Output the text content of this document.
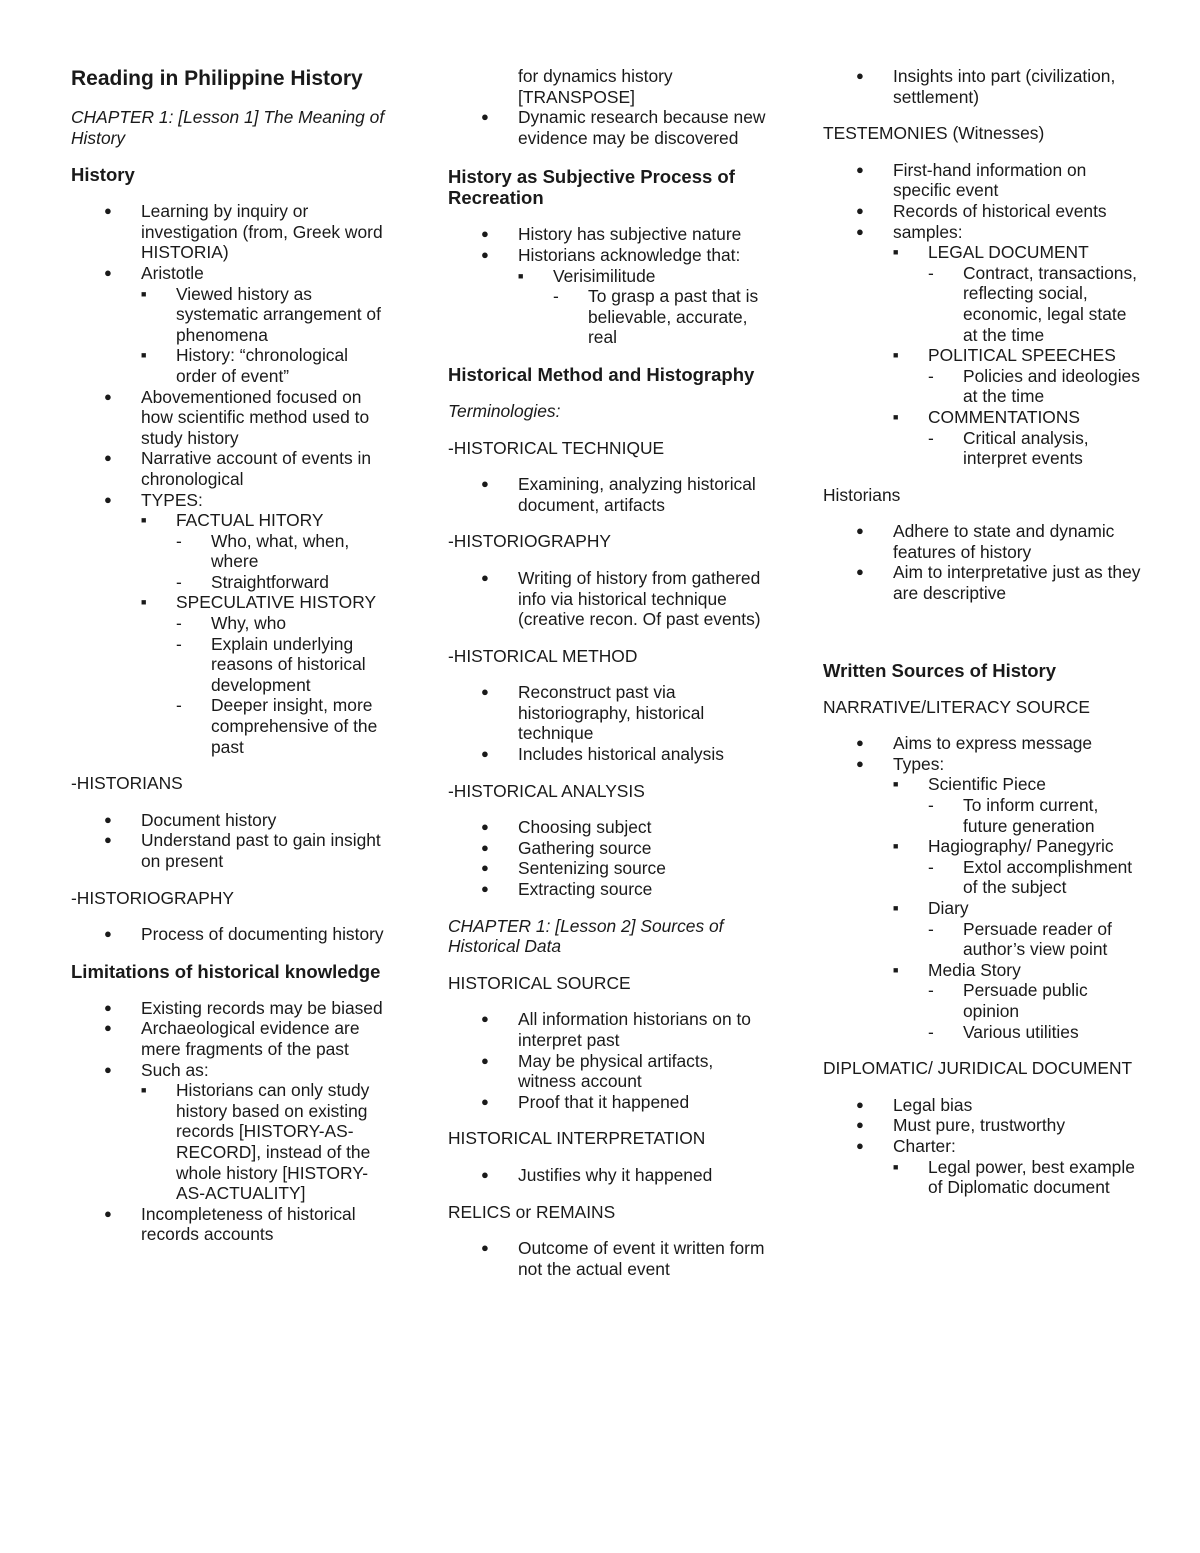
Reading in Philippine History
CHAPTER 1: [Lesson 1] The Meaning of History
History
● Learning by inquiry or investigation (from, Greek word HISTORIA)
● Aristotle
■ Viewed history as systematic arrangement of phenomena
■ History: “chronological order of event”
● Abovementioned focused on how scientific method used to study history
● Narrative account of events in chronological
● TYPES:
■ FACTUAL HITORY
- Who, what, when, where
- Straightforward
■ SPECULATIVE HISTORY
- Why, who
- Explain underlying reasons of historical development
- Deeper insight, more comprehensive of the past
-HISTORIANS
● Document history
● Understand past to gain insight on present
-HISTORIOGRAPHY
● Process of documenting history
Limitations of historical knowledge
● Existing records may be biased
● Archaeological evidence are mere fragments of the past
● Such as:
■ Historians can only study history based on existing records [HISTORY-AS-RECORD], instead of the whole history [HISTORY-AS-ACTUALITY]
● Incompleteness of historical records accounts
for dynamics history [TRANSPOSE]
● Dynamic research because new evidence may be discovered
History as Subjective Process of Recreation
● History has subjective nature
● Historians acknowledge that:
■ Verisimilitude
- To grasp a past that is believable, accurate, real
Historical Method and Histography
Terminologies:
-HISTORICAL TECHNIQUE
● Examining, analyzing historical document, artifacts
-HISTORIOGRAPHY
● Writing of history from gathered info via historical technique (creative recon. Of past events)
-HISTORICAL METHOD
● Reconstruct past via historiography, historical technique
● Includes historical analysis
-HISTORICAL ANALYSIS
● Choosing subject
● Gathering source
● Sentenizing source
● Extracting source
CHAPTER 1: [Lesson 2] Sources of Historical Data
HISTORICAL SOURCE
● All information historians on to interpret past
● May be physical artifacts, witness account
● Proof that it happened
HISTORICAL INTERPRETATION
● Justifies why it happened
RELICS or REMAINS
● Outcome of event it written form not the actual event
● Insights into part (civilization, settlement)
TESTEMONIES (Witnesses)
● First-hand information on specific event
● Records of historical events
● samples:
■ LEGAL DOCUMENT
- Contract, transactions, reflecting social, economic, legal state at the time
■ POLITICAL SPEECHES
- Policies and ideologies at the time
■ COMMENTATIONS
- Critical analysis, interpret events
Historians
● Adhere to state and dynamic features of history
● Aim to interpretative just as they are descriptive
Written Sources of History
NARRATIVE/LITERACY SOURCE
● Aims to express message
● Types:
■ Scientific Piece
- To inform current, future generation
■ Hagiography/ Panegyric
- Extol accomplishment of the subject
■ Diary
- Persuade reader of author’s view point
■ Media Story
- Persuade public opinion
- Various utilities
DIPLOMATIC/ JURIDICAL DOCUMENT
● Legal bias
● Must pure, trustworthy
● Charter:
■ Legal power, best example of Diplomatic document
